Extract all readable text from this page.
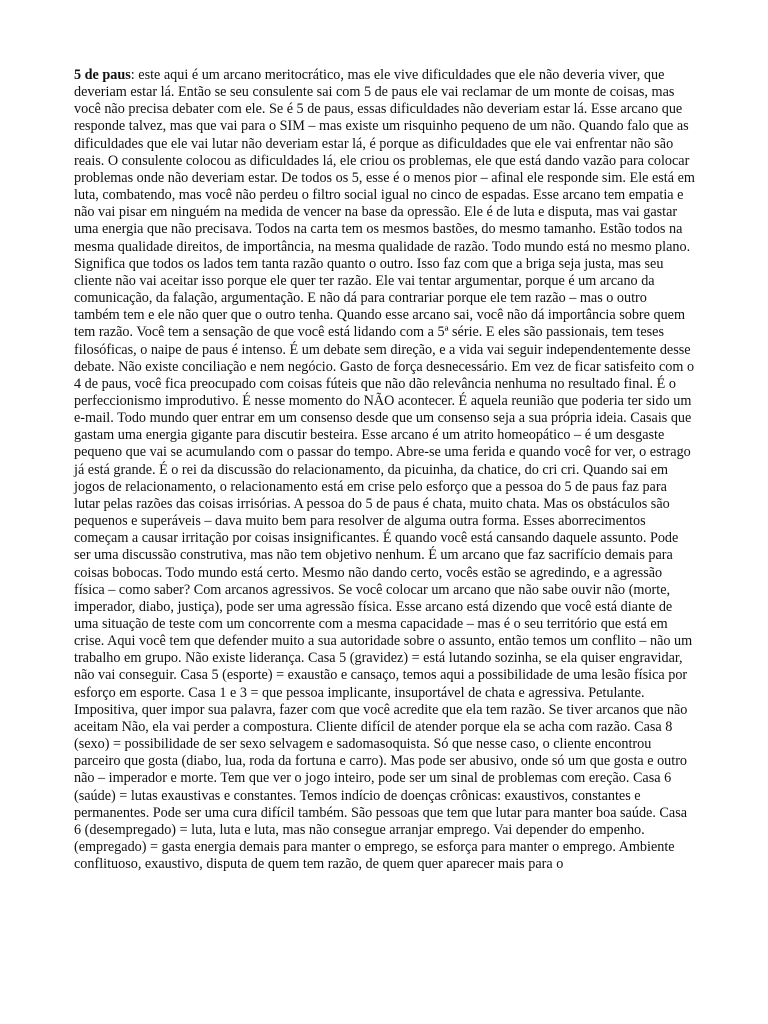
5 de paus: este aqui é um arcano meritocrático, mas ele vive dificuldades que ele não deveria viver, que deveriam estar lá. Então se seu consulente sai com 5 de paus ele vai reclamar de um monte de coisas, mas você não precisa debater com ele. Se é 5 de paus, essas dificuldades não deveriam estar lá. Esse arcano que responde talvez, mas que vai para o SIM – mas existe um risquinho pequeno de um não. Quando falo que as dificuldades que ele vai lutar não deveriam estar lá, é porque as dificuldades que ele vai enfrentar não são reais. O consulente colocou as dificuldades lá, ele criou os problemas, ele que está dando vazão para colocar problemas onde não deveriam estar. De todos os 5, esse é o menos pior – afinal ele responde sim. Ele está em luta, combatendo, mas você não perdeu o filtro social igual no cinco de espadas. Esse arcano tem empatia e não vai pisar em ninguém na medida de vencer na base da opressão. Ele é de luta e disputa, mas vai gastar uma energia que não precisava. Todos na carta tem os mesmos bastões, do mesmo tamanho. Estão todos na mesma qualidade direitos, de importância, na mesma qualidade de razão. Todo mundo está no mesmo plano. Significa que todos os lados tem tanta razão quanto o outro. Isso faz com que a briga seja justa, mas seu cliente não vai aceitar isso porque ele quer ter razão. Ele vai tentar argumentar, porque é um arcano da comunicação, da falação, argumentação. E não dá para contrariar porque ele tem razão – mas o outro também tem e ele não quer que o outro tenha. Quando esse arcano sai, você não dá importância sobre quem tem razão. Você tem a sensação de que você está lidando com a 5ª série. E eles são passionais, tem teses filosóficas, o naipe de paus é intenso. É um debate sem direção, e a vida vai seguir independentemente desse debate. Não existe conciliação e nem negócio. Gasto de força desnecessário. Em vez de ficar satisfeito com o 4 de paus, você fica preocupado com coisas fúteis que não dão relevância nenhuma no resultado final. É o perfeccionismo improdutivo. É nesse momento do NÃO acontecer. É aquela reunião que poderia ter sido um e-mail. Todo mundo quer entrar em um consenso desde que um consenso seja a sua própria ideia. Casais que gastam uma energia gigante para discutir besteira. Esse arcano é um atrito homeopático – é um desgaste pequeno que vai se acumulando com o passar do tempo. Abre-se uma ferida e quando você for ver, o estrago já está grande. É o rei da discussão do relacionamento, da picuinha, da chatice, do cri cri. Quando sai em jogos de relacionamento, o relacionamento está em crise pelo esforço que a pessoa do 5 de paus faz para lutar pelas razões das coisas irrisórias. A pessoa do 5 de paus é chata, muito chata. Mas os obstáculos são pequenos e superáveis – dava muito bem para resolver de alguma outra forma. Esses aborrecimentos começam a causar irritação por coisas insignificantes. É quando você está cansando daquele assunto. Pode ser uma discussão construtiva, mas não tem objetivo nenhum. É um arcano que faz sacrifício demais para coisas bobocas. Todo mundo está certo. Mesmo não dando certo, vocês estão se agredindo, e a agressão física – como saber? Com arcanos agressivos. Se você colocar um arcano que não sabe ouvir não (morte, imperador, diabo, justiça), pode ser uma agressão física. Esse arcano está dizendo que você está diante de uma situação de teste com um concorrente com a mesma capacidade – mas é o seu território que está em crise. Aqui você tem que defender muito a sua autoridade sobre o assunto, então temos um conflito – não um trabalho em grupo. Não existe liderança. Casa 5 (gravidez) = está lutando sozinha, se ela quiser engravidar, não vai conseguir. Casa 5 (esporte) = exaustão e cansaço, temos aqui a possibilidade de uma lesão física por esforço em esporte. Casa 1 e 3 = que pessoa implicante, insuportável de chata e agressiva. Petulante. Impositiva, quer impor sua palavra, fazer com que você acredite que ela tem razão. Se tiver arcanos que não aceitam Não, ela vai perder a compostura. Cliente difícil de atender porque ela se acha com razão. Casa 8 (sexo) = possibilidade de ser sexo selvagem e sadomasoquista. Só que nesse caso, o cliente encontrou parceiro que gosta (diabo, lua, roda da fortuna e carro). Mas pode ser abusivo, onde só um que gosta e outro não – imperador e morte. Tem que ver o jogo inteiro, pode ser um sinal de problemas com ereção. Casa 6 (saúde) = lutas exaustivas e constantes. Temos indício de doenças crônicas: exaustivos, constantes e permanentes. Pode ser uma cura difícil também. São pessoas que tem que lutar para manter boa saúde. Casa 6 (desempregado) = luta, luta e luta, mas não consegue arranjar emprego. Vai depender do empenho. (empregado) = gasta energia demais para manter o emprego, se esforça para manter o emprego. Ambiente conflituoso, exaustivo, disputa de quem tem razão, de quem quer aparecer mais para o
